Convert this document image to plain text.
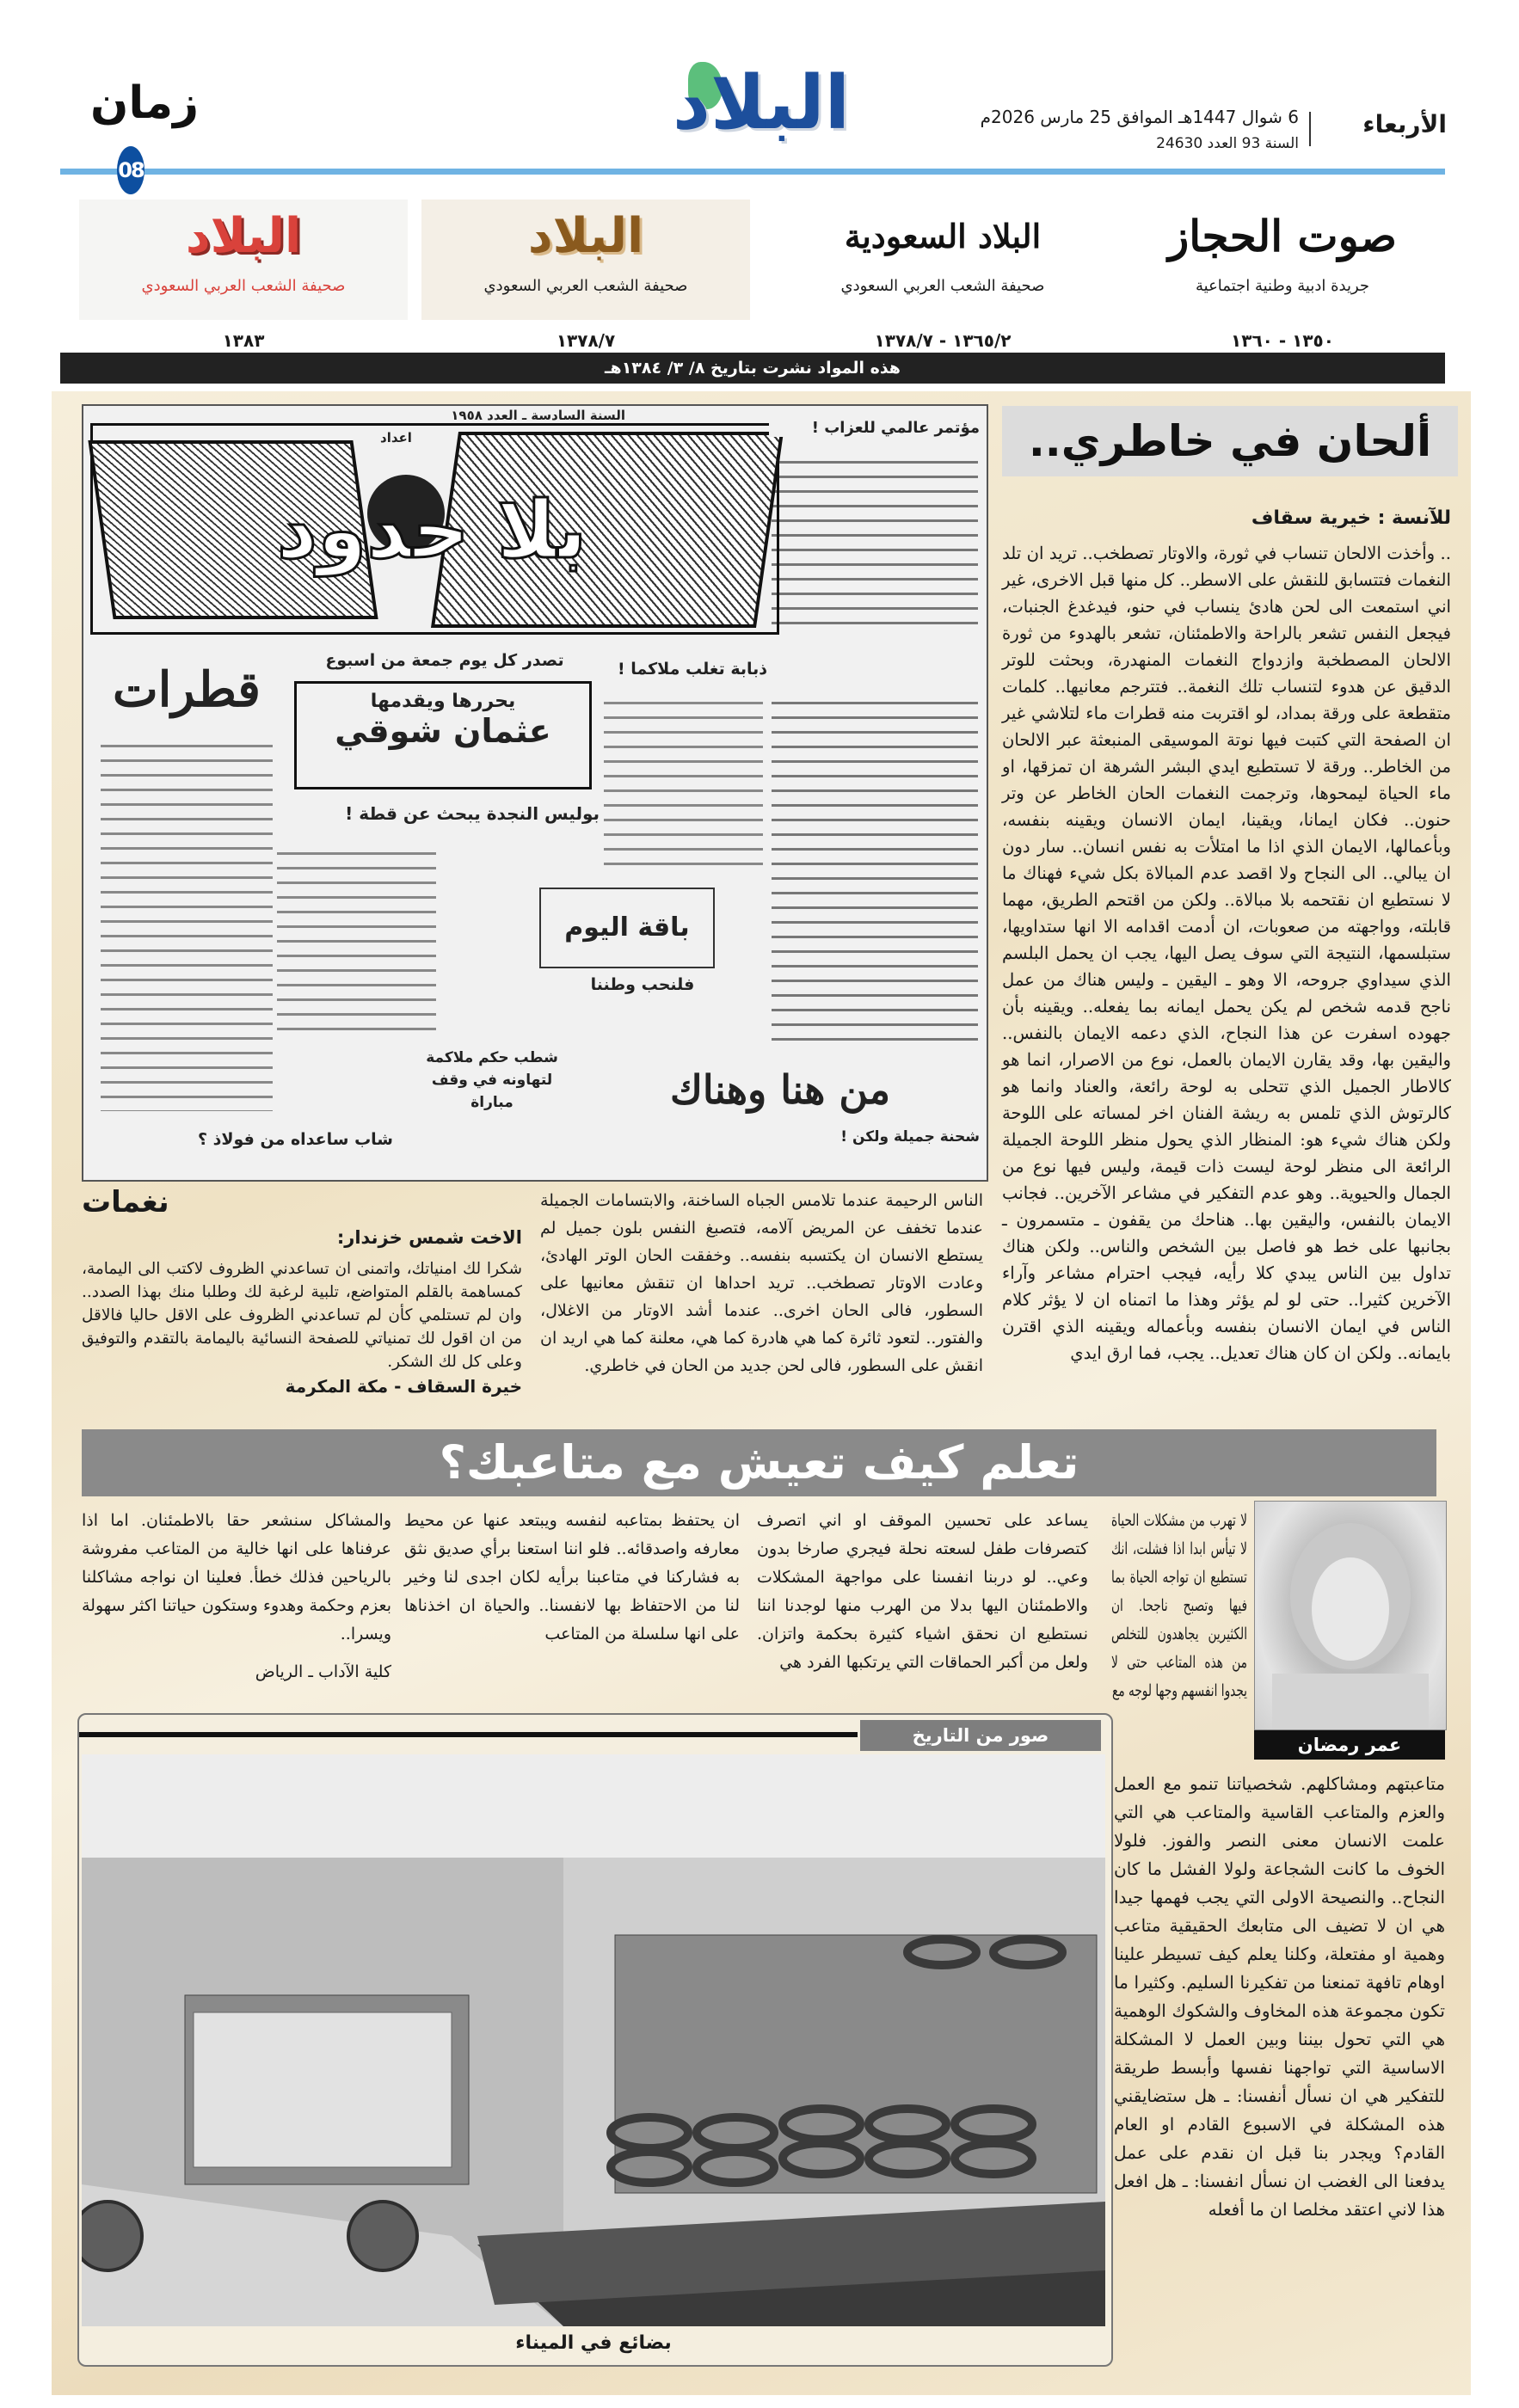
البلاد
زمان	الأربعاء
6 شوال 1447هـ الموافق 25 مارس 2026م
السنة 93 العدد 24630
08
صوت الحجاز
جريدة ادبية وطنية اجتماعية
البلاد السعودية
صحيفة الشعب العربي السعودي
البلاد
صحيفة الشعب العربي السعودي
البلاد
صحيفة الشعب العربي السعودي
١٣٥٠ - ١٣٦٠
١٣٦٥/٢ - ١٣٧٨/٧
١٣٧٨/٧
١٣٨٣
هذه المواد نشرت بتاريخ ٨/ ٣/ ١٣٨٤هـ
السنة السادسة ـ العدد ١٩٥٨
بلا حدود
اعداد
تصدر كل يوم جمعة من اسبوع
يحررها ويقدمها
عثمان شوقي
قطرات
مؤتمر عالمي للعزاب !
ذبابة تغلب ملاكما !
بوليس النجدة يبحث عن قطة !
باقة اليوم
فلنحب وطننا
شطب حكم ملاكمة لتهاونه في وقف مباراة	من هنا وهناك
شحنة جميلة ولكن !
شاب ساعداه من فولاذ ؟
ألحان في خاطري..
للآنسة : خيرية سقاف
.. وأخذت الالحان تنساب في ثورة، والاوتار تصطخب.. تريد ان تلد النغمات فتتسابق للنقش على الاسطر.. كل منها قبل الاخرى، غير اني استمعت الى لحن هادئ ينساب في حنو، فيدغدغ الجنبات، فيجعل النفس تشعر بالراحة والاطمئنان، تشعر بالهدوء من ثورة الالحان المصطخبة وازدواج النغمات المنهدرة، وبحثت للوتر الدقيق عن هدوء لتنساب تلك النغمة.. فتترجم معانيها.. كلمات متقطعة على ورقة بمداد، لو اقتربت منه قطرات ماء لتلاشي غير ان الصفحة التي كتبت فيها نوتة الموسيقى المنبعثة عبر الالحان من الخاطر.. ورقة لا تستطيع ايدي البشر الشرهة ان تمزقها، او ماء الحياة ليمحوها، وترجمت النغمات الحان الخاطر عن وتر حنون.. فكان ايمانا، ويقينا، ايمان الانسان ويقينه بنفسه، وبأعمالها، الايمان الذي اذا ما امتلأت به نفس انسان.. سار دون ان يبالي.. الى النجاح ولا اقصد عدم المبالاة بكل شيء فهناك ما لا نستطيع ان نقتحمه بلا مبالاة.. ولكن من اقتحم الطريق، مهما قابلته، وواجهته من صعوبات، ان أدمت اقدامه الا انها ستداويها، ستبلسمها، النتيجة التي سوف يصل اليها، يجب ان يحمل البلسم الذي سيداوي جروحه، الا وهو ـ اليقين ـ وليس هناك من عمل ناجح قدمه شخص لم يكن يحمل ايمانه بما يفعله.. ويقينه بأن جهوده اسفرت عن هذا النجاح، الذي دعمه الايمان بالنفس.. واليقين بها، وقد يقارن الايمان بالعمل، نوع من الاصرار، انما هو كالاطار الجميل الذي تتحلى به لوحة رائعة، والعناد وانما هو كالرتوش الذي تلمس به ريشة الفنان اخر لمساته على اللوحة ولكن هناك شيء هو: المنظار الذي يحول منظر اللوحة الجميلة الرائعة الى منظر لوحة ليست ذات قيمة، وليس فيها نوع من الجمال والحيوية.. وهو عدم التفكير في مشاعر الآخرين.. فجانب الايمان بالنفس، واليقين بها.. هناحك من يقفون ـ متسمرون ـ بجانبها على خط هو فاصل بين الشخص والناس.. ولكن هناك تداول بين الناس يبدي كلا رأيه، فيجب احترام مشاعر وآراء الآخرين كثيرا.. حتى لو لم يؤثر وهذا ما اتمناه ان لا يؤثر كلام الناس في ايمان الانسان بنفسه وبأعماله ويقينه الذي اقترن بايمانه.. ولكن ان كان هناك تعديل.. يجب، فما ارق ايدي
الناس الرحيمة عندما تلامس الجباه الساخنة، والابتسامات الجميلة عندما تخفف عن المريض آلامه، فتصبغ النفس بلون جميل لم يستطع الانسان ان يكتسبه بنفسه.. وخفقت الحان الوتر الهادئ، وعادت الاوتار تصطخب.. تريد احداها ان تنقش معانيها على السطور، فالى الحان اخرى.. عندما أشد الاوتار من الاغلال، والفتور.. لتعود ثائرة كما هي هادرة كما هي، معلنة كما هي اريد ان انقش على السطور، فالى لحن جديد من الحان في خاطري.
نغمات
الاخت شمس خزندار:
شكرا لك امنياتك، واتمنى ان تساعدني الظروف لاكتب الى اليمامة، كمساهمة بالقلم المتواضع، تلبية لرغبة لك وطلبا منك بهذا الصدد.. وان لم تستلمي كأن لم تساعدني الظروف على الاقل حاليا فالاقل من ان اقول لك تمنياتي للصفحة النسائية باليمامة بالتقدم والتوفيق وعلى كل لك الشكر.
خيرة السقاف - مكة المكرمة
تعلم كيف تعيش مع متاعبك؟
عمر رمضان
لا تهرب من مشكلات الحياة لا تيأس ابدا اذا فشلت، انك تستطيع ان تواجه الحياة بما فيها وتصبح ناجحا. ان الكثيرين يجاهدون للتخلص من هذه المتاعب حتى لا يجدوا انفسهم وجها لوجه مع
يساعد على تحسين الموقف او اني اتصرف كتصرفات طفل لسعته نحلة فيجري صارخا بدون وعي.. لو دربنا انفسنا على مواجهة المشكلات والاطمئنان اليها بدلا من الهرب منها لوجدنا اننا نستطيع ان نحقق اشياء كثيرة بحكمة واتزان. ولعل من أكبر الحماقات التي يرتكبها الفرد هي
ان يحتفظ بمتاعبه لنفسه ويبتعد عنها عن محيط معارفه واصدقائه.. فلو اننا استعنا برأي صديق نثق به فشاركنا في متاعبنا برأيه لكان اجدى لنا وخير لنا من الاحتفاظ بها لانفسنا.. والحياة ان اخذناها على انها سلسلة من المتاعب
والمشاكل سنشعر حقا بالاطمئنان. اما اذا عرفناها على انها خالية من المتاعب مفروشة بالرياحين فذلك خطأ. فعلينا ان نواجه مشاكلنا بعزم وحكمة وهدوء وستكون حياتنا اكثر سهولة ويسرا..
كلية الآداب ـ الرياض
متاعبتهم ومشاكلهم. شخصياتنا تنمو مع العمل والعزم والمتاعب القاسية والمتاعب هي التي علمت الانسان معنى النصر والفوز. فلولا الخوف ما كانت الشجاعة ولولا الفشل ما كان النجاح.. والنصيحة الاولى التي يجب فهمها جيدا هي ان لا تضيف الى متابعك الحقيقية متاعب وهمية او مفتعلة، وكلنا يعلم كيف تسيطر علينا اوهام تافهة تمنعنا من تفكيرنا السليم. وكثيرا ما تكون مجموعة هذه المخاوف والشكوك الوهمية هي التي تحول بيننا وبين العمل لا المشكلة الاساسية التي تواجهنا نفسها وأبسط طريقة للتفكير هي ان نسأل أنفسنا: ـ هل ستضايقني هذه المشكلة في الاسبوع القادم او العام القادم؟ ويجدر بنا قبل ان نقدم على عمل يدفعنا الى الغضب ان نسأل انفسنا: ـ هل افعل هذا لاني اعتقد مخلصا ان ما أفعله
صور من التاريخ
بضائع في الميناء
